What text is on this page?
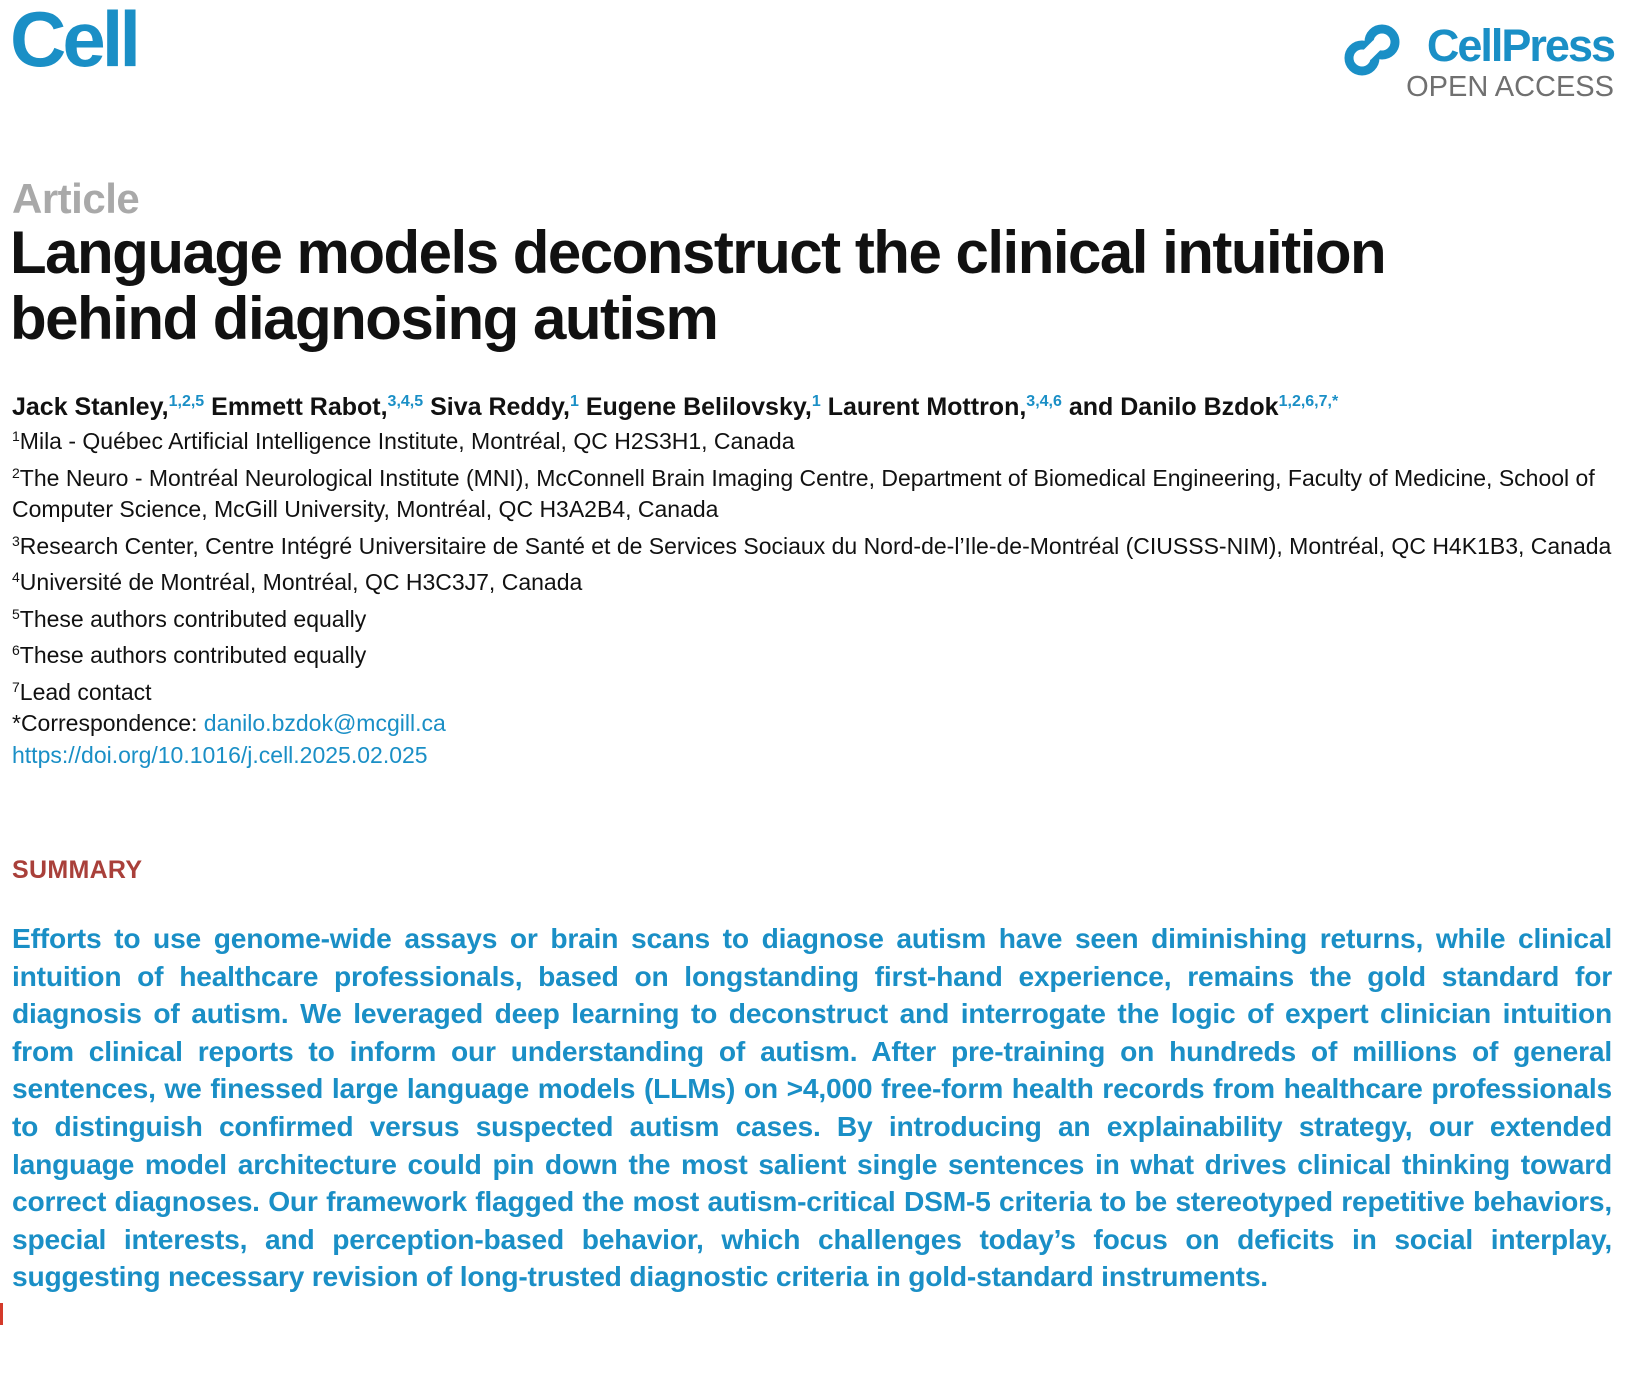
Cell	CellPress
OPEN ACCESS
Article
Language models deconstruct the clinical intuition behind diagnosing autism
Jack Stanley,$^{1,2,5}$ Emmett Rabot,$^{3,4,5}$ Siva Reddy,$^1$ Eugene Belilovsky,$^1$ Laurent Mottron,$^{3,4,6}$ and Danilo Bzdok$^{1,2,6,7,*}$
$^1$Mila - Québec Artificial Intelligence Institute, Montréal, QC H2S3H1, Canada
$^2$The Neuro - Montréal Neurological Institute (MNI), McConnell Brain Imaging Centre, Department of Biomedical Engineering, Faculty of Medicine, School of Computer Science, McGill University, Montréal, QC H3A2B4, Canada
$^3$Research Center, Centre Intégré Universitaire de Santé et de Services Sociaux du Nord-de-l’Ile-de-Montréal (CIUSSS-NIM), Montréal, QC H4K1B3, Canada
$^4$Université de Montréal, Montréal, QC H3C3J7, Canada
$^5$These authors contributed equally
$^6$These authors contributed equally
$^7$Lead contact
*Correspondence: danilo.bzdok@mcgill.ca
https://doi.org/10.1016/j.cell.2025.02.025
SUMMARY

Efforts to use genome-wide assays or brain scans to diagnose autism have seen diminishing returns, while clinical intuition of healthcare professionals, based on longstanding first-hand experience, remains the gold standard for diagnosis of autism. We leveraged deep learning to deconstruct and interrogate the logic of expert clinician intuition from clinical reports to inform our understanding of autism. After pre-training on hundreds of millions of general sentences, we finessed large language models (LLMs) on >4,000 free-form health records from healthcare professionals to distinguish confirmed versus suspected autism cases. By introducing an explainability strategy, our extended language model architecture could pin down the most salient single sentences in what drives clinical thinking toward correct diagnoses. Our framework flagged the most autism-critical DSM-5 criteria to be stereotyped repetitive behaviors, special interests, and perception-based behavior, which challenges today’s focus on deficits in social interplay, suggesting necessary revision of long-trusted diagnostic criteria in gold-standard instruments.
